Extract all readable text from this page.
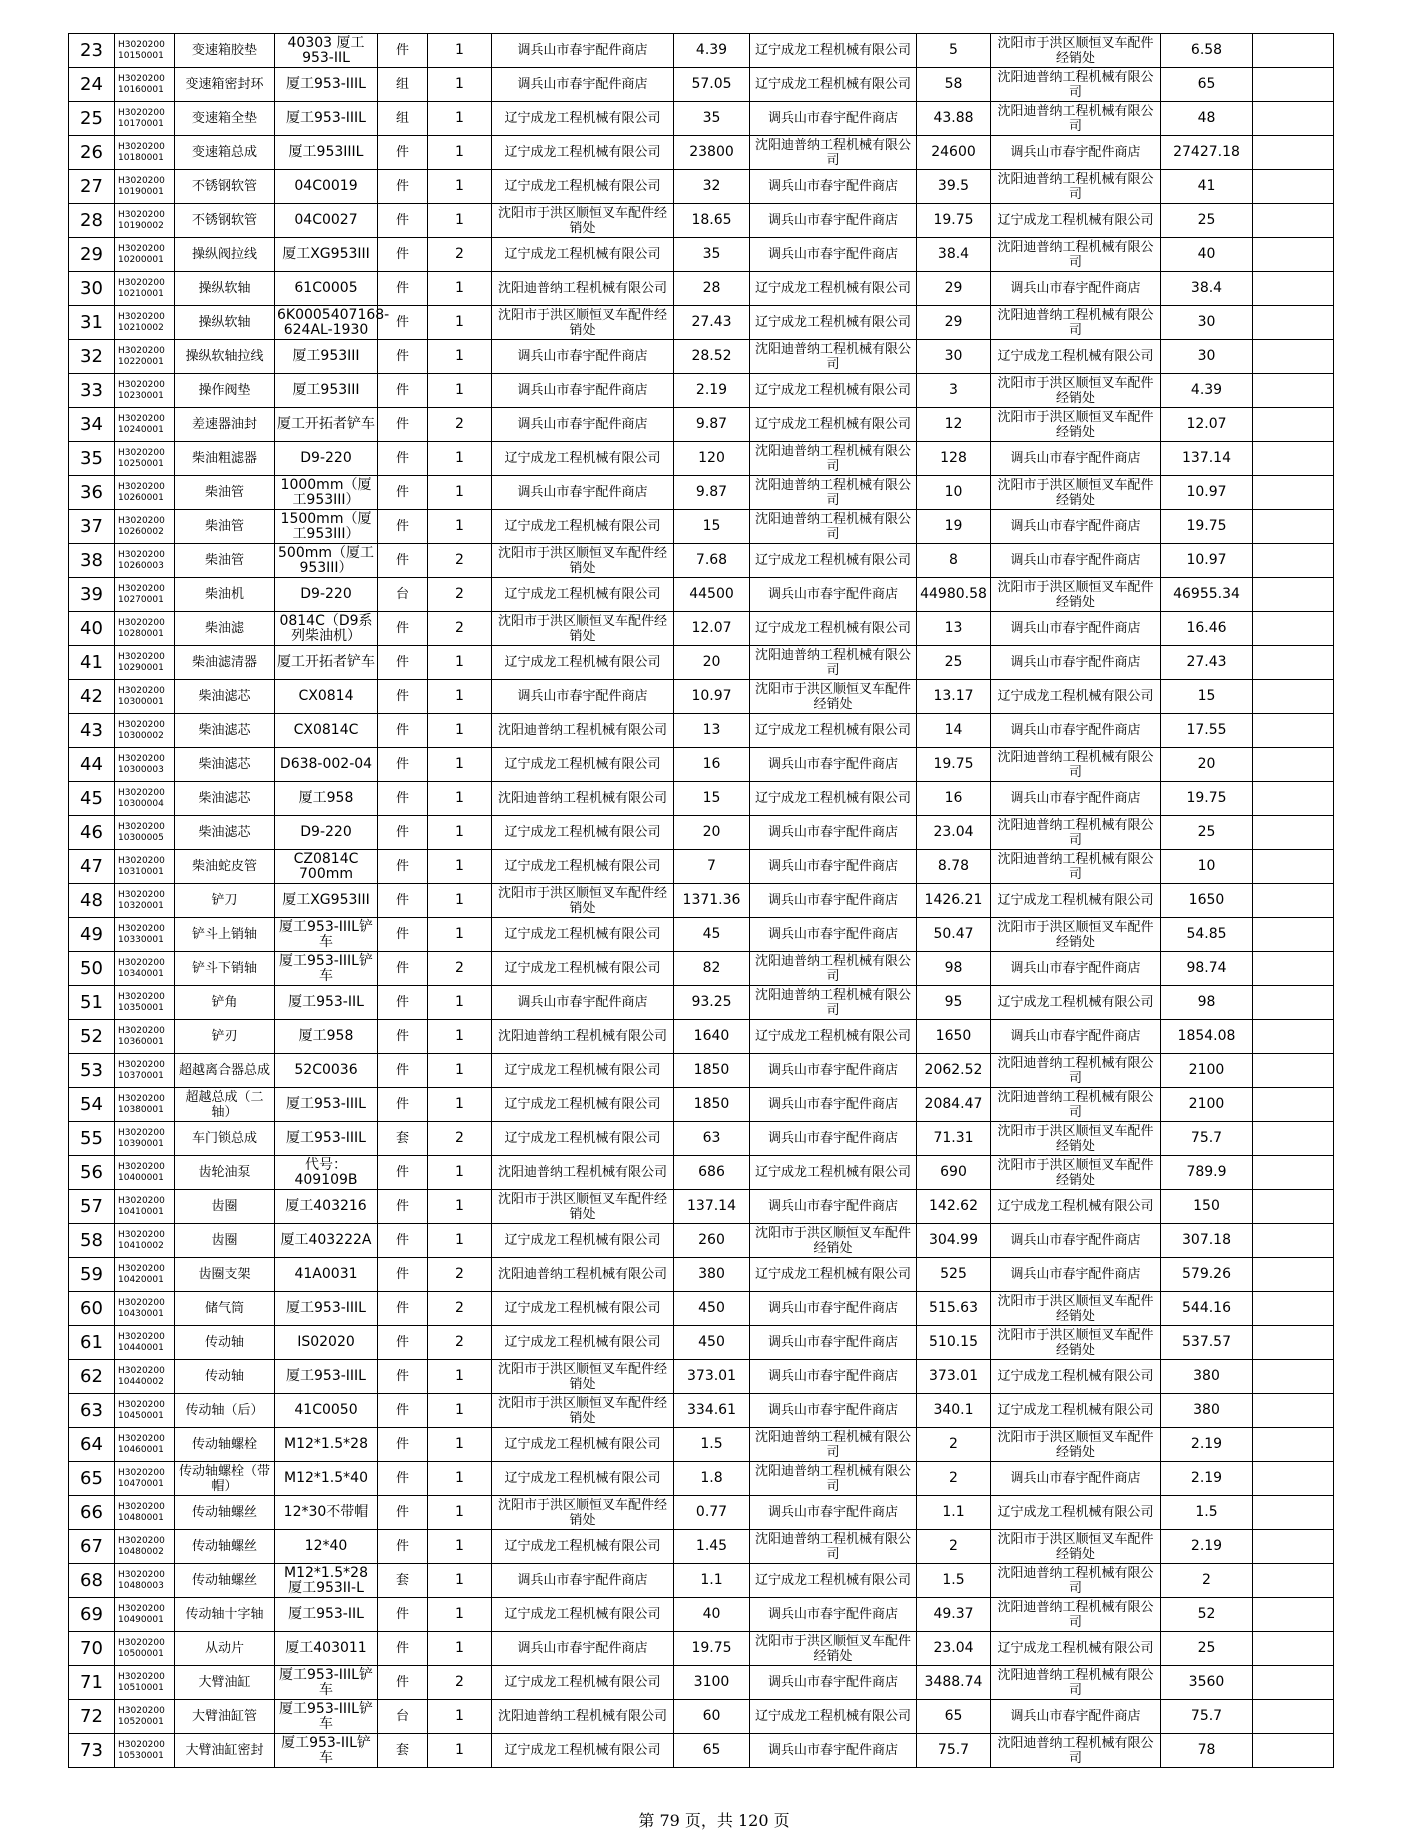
23	H3020200 10150001	变速箱胶垫	40303 厦工953-IIL	件	1	调兵山市春宇配件商店	4.39	辽宁成龙工程机械有限公司	5	沈阳市于洪区顺恒叉车配件经销处	6.58	
24	H3020200 10160001	变速箱密封环	厦工953-IIIL	组	1	调兵山市春宇配件商店	57.05	辽宁成龙工程机械有限公司	58	沈阳迪普纳工程机械有限公司	65	
25	H3020200 10170001	变速箱全垫	厦工953-IIIL	组	1	辽宁成龙工程机械有限公司	35	调兵山市春宇配件商店	43.88	沈阳迪普纳工程机械有限公司	48	
26	H3020200 10180001	变速箱总成	厦工953IIIL	件	1	辽宁成龙工程机械有限公司	23800	沈阳迪普纳工程机械有限公司	24600	调兵山市春宇配件商店	27427.18	
27	H3020200 10190001	不锈钢软管	04C0019	件	1	辽宁成龙工程机械有限公司	32	调兵山市春宇配件商店	39.5	沈阳迪普纳工程机械有限公司	41	
28	H3020200 10190002	不锈钢软管	04C0027	件	1	沈阳市于洪区顺恒叉车配件经销处	18.65	调兵山市春宇配件商店	19.75	辽宁成龙工程机械有限公司	25	
29	H3020200 10200001	操纵阀拉线	厦工XG953III	件	2	辽宁成龙工程机械有限公司	35	调兵山市春宇配件商店	38.4	沈阳迪普纳工程机械有限公司	40	
30	H3020200 10210001	操纵软轴	61C0005	件	1	沈阳迪普纳工程机械有限公司	28	辽宁成龙工程机械有限公司	29	调兵山市春宇配件商店	38.4	
31	H3020200 10210002	操纵软轴	6K0005407168-624AL-1930	件	1	沈阳市于洪区顺恒叉车配件经销处	27.43	辽宁成龙工程机械有限公司	29	沈阳迪普纳工程机械有限公司	30	
32	H3020200 10220001	操纵软轴拉线	厦工953III	件	1	调兵山市春宇配件商店	28.52	沈阳迪普纳工程机械有限公司	30	辽宁成龙工程机械有限公司	30	
33	H3020200 10230001	操作阀垫	厦工953III	件	1	调兵山市春宇配件商店	2.19	辽宁成龙工程机械有限公司	3	沈阳市于洪区顺恒叉车配件经销处	4.39	
34	H3020200 10240001	差速器油封	厦工开拓者铲车	件	2	调兵山市春宇配件商店	9.87	辽宁成龙工程机械有限公司	12	沈阳市于洪区顺恒叉车配件经销处	12.07	
35	H3020200 10250001	柴油粗滤器	D9-220	件	1	辽宁成龙工程机械有限公司	120	沈阳迪普纳工程机械有限公司	128	调兵山市春宇配件商店	137.14	
36	H3020200 10260001	柴油管	1000mm（厦工953III）	件	1	调兵山市春宇配件商店	9.87	沈阳迪普纳工程机械有限公司	10	沈阳市于洪区顺恒叉车配件经销处	10.97	
37	H3020200 10260002	柴油管	1500mm（厦工953III）	件	1	辽宁成龙工程机械有限公司	15	沈阳迪普纳工程机械有限公司	19	调兵山市春宇配件商店	19.75	
38	H3020200 10260003	柴油管	500mm（厦工953III）	件	2	沈阳市于洪区顺恒叉车配件经销处	7.68	辽宁成龙工程机械有限公司	8	调兵山市春宇配件商店	10.97	
39	H3020200 10270001	柴油机	D9-220	台	2	辽宁成龙工程机械有限公司	44500	调兵山市春宇配件商店	44980.58	沈阳市于洪区顺恒叉车配件经销处	46955.34	
40	H3020200 10280001	柴油滤	0814C（D9系列柴油机）	件	2	沈阳市于洪区顺恒叉车配件经销处	12.07	辽宁成龙工程机械有限公司	13	调兵山市春宇配件商店	16.46	
41	H3020200 10290001	柴油滤清器	厦工开拓者铲车	件	1	辽宁成龙工程机械有限公司	20	沈阳迪普纳工程机械有限公司	25	调兵山市春宇配件商店	27.43	
42	H3020200 10300001	柴油滤芯	CX0814	件	1	调兵山市春宇配件商店	10.97	沈阳市于洪区顺恒叉车配件经销处	13.17	辽宁成龙工程机械有限公司	15	
43	H3020200 10300002	柴油滤芯	CX0814C	件	1	沈阳迪普纳工程机械有限公司	13	辽宁成龙工程机械有限公司	14	调兵山市春宇配件商店	17.55	
44	H3020200 10300003	柴油滤芯	D638-002-04	件	1	辽宁成龙工程机械有限公司	16	调兵山市春宇配件商店	19.75	沈阳迪普纳工程机械有限公司	20	
45	H3020200 10300004	柴油滤芯	厦工958	件	1	沈阳迪普纳工程机械有限公司	15	辽宁成龙工程机械有限公司	16	调兵山市春宇配件商店	19.75	
46	H3020200 10300005	柴油滤芯	D9-220	件	1	辽宁成龙工程机械有限公司	20	调兵山市春宇配件商店	23.04	沈阳迪普纳工程机械有限公司	25	
47	H3020200 10310001	柴油蛇皮管	CZ0814C 700mm	件	1	辽宁成龙工程机械有限公司	7	调兵山市春宇配件商店	8.78	沈阳迪普纳工程机械有限公司	10	
48	H3020200 10320001	铲刀	厦工XG953III	件	1	沈阳市于洪区顺恒叉车配件经销处	1371.36	调兵山市春宇配件商店	1426.21	辽宁成龙工程机械有限公司	1650	
49	H3020200 10330001	铲斗上销轴	厦工953-IIIL铲车	件	1	辽宁成龙工程机械有限公司	45	调兵山市春宇配件商店	50.47	沈阳市于洪区顺恒叉车配件经销处	54.85	
50	H3020200 10340001	铲斗下销轴	厦工953-IIIL铲车	件	2	辽宁成龙工程机械有限公司	82	沈阳迪普纳工程机械有限公司	98	调兵山市春宇配件商店	98.74	
51	H3020200 10350001	铲角	厦工953-IIL	件	1	调兵山市春宇配件商店	93.25	沈阳迪普纳工程机械有限公司	95	辽宁成龙工程机械有限公司	98	
52	H3020200 10360001	铲刃	厦工958	件	1	沈阳迪普纳工程机械有限公司	1640	辽宁成龙工程机械有限公司	1650	调兵山市春宇配件商店	1854.08	
53	H3020200 10370001	超越离合器总成	52C0036	件	1	辽宁成龙工程机械有限公司	1850	调兵山市春宇配件商店	2062.52	沈阳迪普纳工程机械有限公司	2100	
54	H3020200 10380001	超越总成（二轴）	厦工953-IIIL	件	1	辽宁成龙工程机械有限公司	1850	调兵山市春宇配件商店	2084.47	沈阳迪普纳工程机械有限公司	2100	
55	H3020200 10390001	车门锁总成	厦工953-IIIL	套	2	辽宁成龙工程机械有限公司	63	调兵山市春宇配件商店	71.31	沈阳市于洪区顺恒叉车配件经销处	75.7	
56	H3020200 10400001	齿轮油泵	代号：409109B	件	1	沈阳迪普纳工程机械有限公司	686	辽宁成龙工程机械有限公司	690	沈阳市于洪区顺恒叉车配件经销处	789.9	
57	H3020200 10410001	齿圈	厦工403216	件	1	沈阳市于洪区顺恒叉车配件经销处	137.14	调兵山市春宇配件商店	142.62	辽宁成龙工程机械有限公司	150	
58	H3020200 10410002	齿圈	厦工403222A	件	1	辽宁成龙工程机械有限公司	260	沈阳市于洪区顺恒叉车配件经销处	304.99	调兵山市春宇配件商店	307.18	
59	H3020200 10420001	齿圈支架	41A0031	件	2	沈阳迪普纳工程机械有限公司	380	辽宁成龙工程机械有限公司	525	调兵山市春宇配件商店	579.26	
60	H3020200 10430001	储气筒	厦工953-IIIL	件	2	辽宁成龙工程机械有限公司	450	调兵山市春宇配件商店	515.63	沈阳市于洪区顺恒叉车配件经销处	544.16	
61	H3020200 10440001	传动轴	IS02020	件	2	辽宁成龙工程机械有限公司	450	调兵山市春宇配件商店	510.15	沈阳市于洪区顺恒叉车配件经销处	537.57	
62	H3020200 10440002	传动轴	厦工953-IIIL	件	1	沈阳市于洪区顺恒叉车配件经销处	373.01	调兵山市春宇配件商店	373.01	辽宁成龙工程机械有限公司	380	
63	H3020200 10450001	传动轴（后）	41C0050	件	1	沈阳市于洪区顺恒叉车配件经销处	334.61	调兵山市春宇配件商店	340.1	辽宁成龙工程机械有限公司	380	
64	H3020200 10460001	传动轴螺栓	M12*1.5*28	件	1	辽宁成龙工程机械有限公司	1.5	沈阳迪普纳工程机械有限公司	2	沈阳市于洪区顺恒叉车配件经销处	2.19	
65	H3020200 10470001	传动轴螺栓（带帽）	M12*1.5*40	件	1	辽宁成龙工程机械有限公司	1.8	沈阳迪普纳工程机械有限公司	2	调兵山市春宇配件商店	2.19	
66	H3020200 10480001	传动轴螺丝	12*30不带帽	件	1	沈阳市于洪区顺恒叉车配件经销处	0.77	调兵山市春宇配件商店	1.1	辽宁成龙工程机械有限公司	1.5	
67	H3020200 10480002	传动轴螺丝	12*40	件	1	辽宁成龙工程机械有限公司	1.45	沈阳迪普纳工程机械有限公司	2	沈阳市于洪区顺恒叉车配件经销处	2.19	
68	H3020200 10480003	传动轴螺丝	M12*1.5*28 厦工953II-L	套	1	调兵山市春宇配件商店	1.1	辽宁成龙工程机械有限公司	1.5	沈阳迪普纳工程机械有限公司	2	
69	H3020200 10490001	传动轴十字轴	厦工953-IIL	件	1	辽宁成龙工程机械有限公司	40	调兵山市春宇配件商店	49.37	沈阳迪普纳工程机械有限公司	52	
70	H3020200 10500001	从动片	厦工403011	件	1	调兵山市春宇配件商店	19.75	沈阳市于洪区顺恒叉车配件经销处	23.04	辽宁成龙工程机械有限公司	25	
71	H3020200 10510001	大臂油缸	厦工953-IIIL铲车	件	2	辽宁成龙工程机械有限公司	3100	调兵山市春宇配件商店	3488.74	沈阳迪普纳工程机械有限公司	3560	
72	H3020200 10520001	大臂油缸管	厦工953-IIIL铲车	台	1	沈阳迪普纳工程机械有限公司	60	辽宁成龙工程机械有限公司	65	调兵山市春宇配件商店	75.7	
73	H3020200 10530001	大臂油缸密封	厦工953-IIL铲车	套	1	辽宁成龙工程机械有限公司	65	调兵山市春宇配件商店	75.7	沈阳迪普纳工程机械有限公司	78	
第 79 页，共 120 页
